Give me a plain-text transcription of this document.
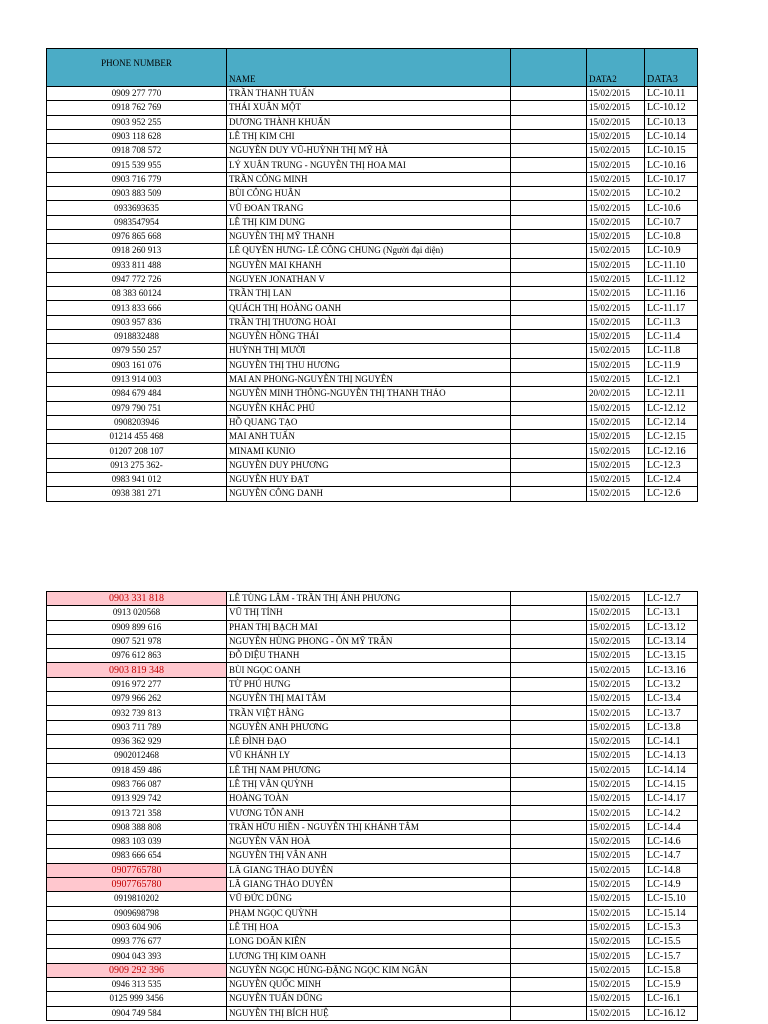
PHONE NUMBER	NAME		DATA2	DATA3
0909 277 770	TRẦN THANH TUẤN		15/02/2015	LC-10.11
0918 762 769	THÁI XUÂN MỘT		15/02/2015	LC-10.12
0903 952 255	DƯƠNG THÀNH KHUẤN		15/02/2015	LC-10.13
0903 118 628	LÊ THỊ KIM CHI		15/02/2015	LC-10.14
0918 708 572	NGUYỄN DUY VŨ-HUỲNH THỊ MỸ HÀ		15/02/2015	LC-10.15
0915 539 955	LÝ XUÂN TRUNG - NGUYỄN THỊ HOA MAI		15/02/2015	LC-10.16
0903 716 779	TRẦN CÔNG MINH		15/02/2015	LC-10.17
0903 883 509	BÙI CÔNG HUÂN		15/02/2015	LC-10.2
0933693635	VŨ ĐOAN TRANG		15/02/2015	LC-10.6
0983547954	LÊ THỊ KIM DUNG		15/02/2015	LC-10.7
0976 865 668	NGUYỄN THỊ MỸ THANH		15/02/2015	LC-10.8
0918 260 913	LÊ QUYỀN HƯNG- LÊ CÔNG CHUNG (Người đại diện)		15/02/2015	LC-10.9
0933 811 488	NGUYỄN MAI KHANH		15/02/2015	LC-11.10
0947 772 726	NGUYEN JONATHAN V		15/02/2015	LC-11.12
08 383 60124	TRẦN THỊ LAN		15/02/2015	LC-11.16
0913 833 666	QUÁCH THỊ HOÀNG OANH		15/02/2015	LC-11.17
0903 957 836	TRẦN THỊ THƯƠNG HOÀI		15/02/2015	LC-11.3
0918832488	NGUYỄN HỒNG THÁI		15/02/2015	LC-11.4
0979 550 257	HUỲNH THỊ MƯỜI		15/02/2015	LC-11.8
0903 161 076	NGUYỄN THỊ THU HƯƠNG		15/02/2015	LC-11.9
0913 914 003	MAI AN PHONG-NGUYỄN THỊ NGUYÊN		15/02/2015	LC-12.1
0984 679 484	NGUYỄN MINH THÔNG-NGUYỄN THỊ THANH THẢO		20/02/2015	LC-12.11
0979 790 751	NGUYỄN KHẮC PHÚ		15/02/2015	LC-12.12
0908203946	HỒ QUANG TẠO		15/02/2015	LC-12.14
01214 455 468	MAI ANH TUẤN		15/02/2015	LC-12.15
01207 208 107	MINAMI KUNIO		15/02/2015	LC-12.16
0913 275 362-	NGUYỄN DUY PHƯƠNG		15/02/2015	LC-12.3
0983 941 012	NGUYỄN HUY ĐẠT		15/02/2015	LC-12.4
0938 381 271	NGUYỄN CÔNG DANH		15/02/2015	LC-12.6
0903 331 818	LÊ TÙNG LÂM - TRẦN THỊ ÁNH PHƯƠNG		15/02/2015	LC-12.7
0913 020568	VŨ THỊ TỈNH		15/02/2015	LC-13.1
0909 899 616	PHAN THỊ BẠCH MAI		15/02/2015	LC-13.12
0907 521 978	NGUYỄN HÙNG PHONG - ÔN MỸ TRÂN		15/02/2015	LC-13.14
0976 612 863	ĐỖ DIỆU THANH		15/02/2015	LC-13.15
0903 819 348	BÙI NGỌC OANH		15/02/2015	LC-13.16
0916 972 277	TỪ PHÚ HƯNG		15/02/2015	LC-13.2
0979 966 262	NGUYỄN THỊ MAI TÂM		15/02/2015	LC-13.4
0932 739 813	TRẦN VIỆT HẰNG		15/02/2015	LC-13.7
0903 711 789	NGUYỄN ANH PHƯƠNG		15/02/2015	LC-13.8
0936 362 929	LÊ ĐÌNH ĐẠO		15/02/2015	LC-14.1
0902012468	VŨ KHÁNH LY		15/02/2015	LC-14.13
0918 459 486	LÊ THỊ NAM PHƯƠNG		15/02/2015	LC-14.14
0983 766 087	LÊ THỊ VÂN QUỲNH		15/02/2015	LC-14.15
0913 929 742	HOÀNG TOÀN		15/02/2015	LC-14.17
0913 721 358	VƯƠNG TÔN ANH		15/02/2015	LC-14.2
0908 388 808	TRẦN HỮU HIỀN - NGUYỄN THỊ KHÁNH TÂM		15/02/2015	LC-14.4
0983 103 039	NGUYỄN VĂN HOÀ		15/02/2015	LC-14.6
0983 666 654	NGUYỄN THỊ VÂN ANH		15/02/2015	LC-14.7
0907765780	LÃ GIANG THẢO DUYÊN		15/02/2015	LC-14.8
0907765780	LÃ GIANG THẢO DUYÊN		15/02/2015	LC-14.9
0919810202	VŨ ĐỨC DŨNG		15/02/2015	LC-15.10
0909698798	PHẠM NGỌC QUỲNH		15/02/2015	LC-15.14
0903 604 906	LÊ THỊ HOA		15/02/2015	LC-15.3
0993 776 677	LONG DOÃN KIÊN		15/02/2015	LC-15.5
0904 043 393	LƯƠNG THỊ KIM OANH		15/02/2015	LC-15.7
0909 292 396	NGUYỄN NGỌC HÙNG-ĐẶNG NGỌC KIM NGÂN		15/02/2015	LC-15.8
0946 313 535	NGUYỄN QUỐC MINH		15/02/2015	LC-15.9
0125 999 3456	NGUYỄN TUẤN DŨNG		15/02/2015	LC-16.1
0904 749 584	NGUYỄN THỊ BÍCH HUỆ		15/02/2015	LC-16.12
